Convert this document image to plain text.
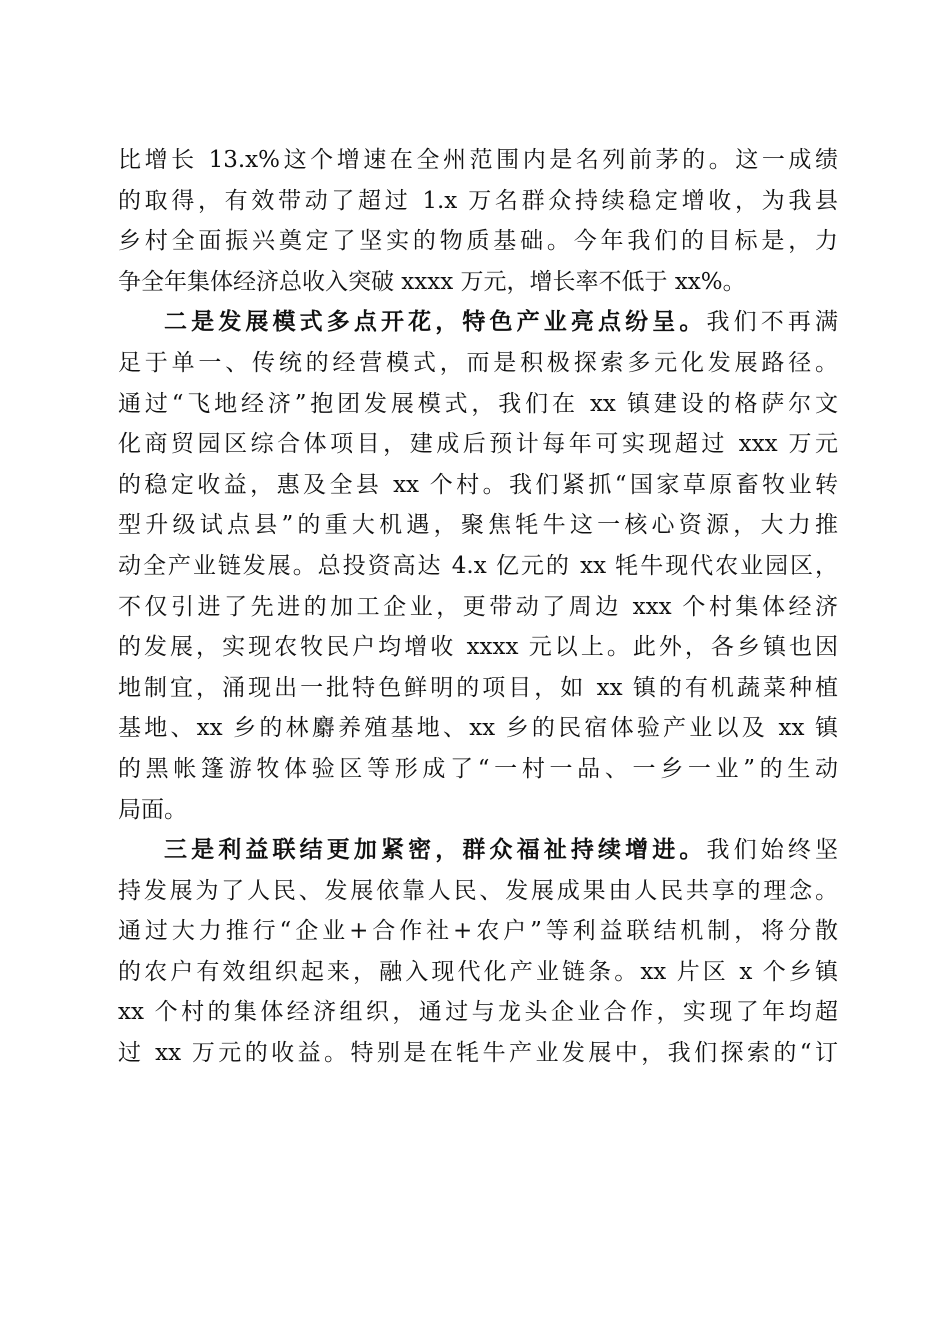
比增长 13.x%这个增速在全州范围内是名列前茅的。这一成绩
的取得，有效带动了超过 1.x 万名群众持续稳定增收，为我县
乡村全面振兴奠定了坚实的物质基础。今年我们的目标是，力
争全年集体经济总收入突破 xxxx 万元，增长率不低于 xx%。
二是发展模式多点开花，特色产业亮点纷呈。我们不再满
足于单一、传统的经营模式，而是积极探索多元化发展路径。
通过“飞地经济”抱团发展模式，我们在 xx 镇建设的格萨尔文
化商贸园区综合体项目，建成后预计每年可实现超过 xxx 万元
的稳定收益，惠及全县 xx 个村。我们紧抓“国家草原畜牧业转
型升级试点县”的重大机遇，聚焦牦牛这一核心资源，大力推
动全产业链发展。总投资高达 4.x 亿元的 xx 牦牛现代农业园区，
不仅引进了先进的加工企业，更带动了周边 xxx 个村集体经济
的发展，实现农牧民户均增收 xxxx 元以上。此外，各乡镇也因
地制宜，涌现出一批特色鲜明的项目，如 xx 镇的有机蔬菜种植
基地、xx 乡的林麝养殖基地、xx 乡的民宿体验产业以及 xx 镇
的黑帐篷游牧体验区等形成了“一村一品、一乡一业”的生动
局面。
三是利益联结更加紧密，群众福祉持续增进。我们始终坚
持发展为了人民、发展依靠人民、发展成果由人民共享的理念。
通过大力推行“企业+合作社+农户”等利益联结机制，将分散
的农户有效组织起来，融入现代化产业链条。xx 片区 x 个乡镇
xx 个村的集体经济组织，通过与龙头企业合作，实现了年均超
过 xx 万元的收益。特别是在牦牛产业发展中，我们探索的“订
